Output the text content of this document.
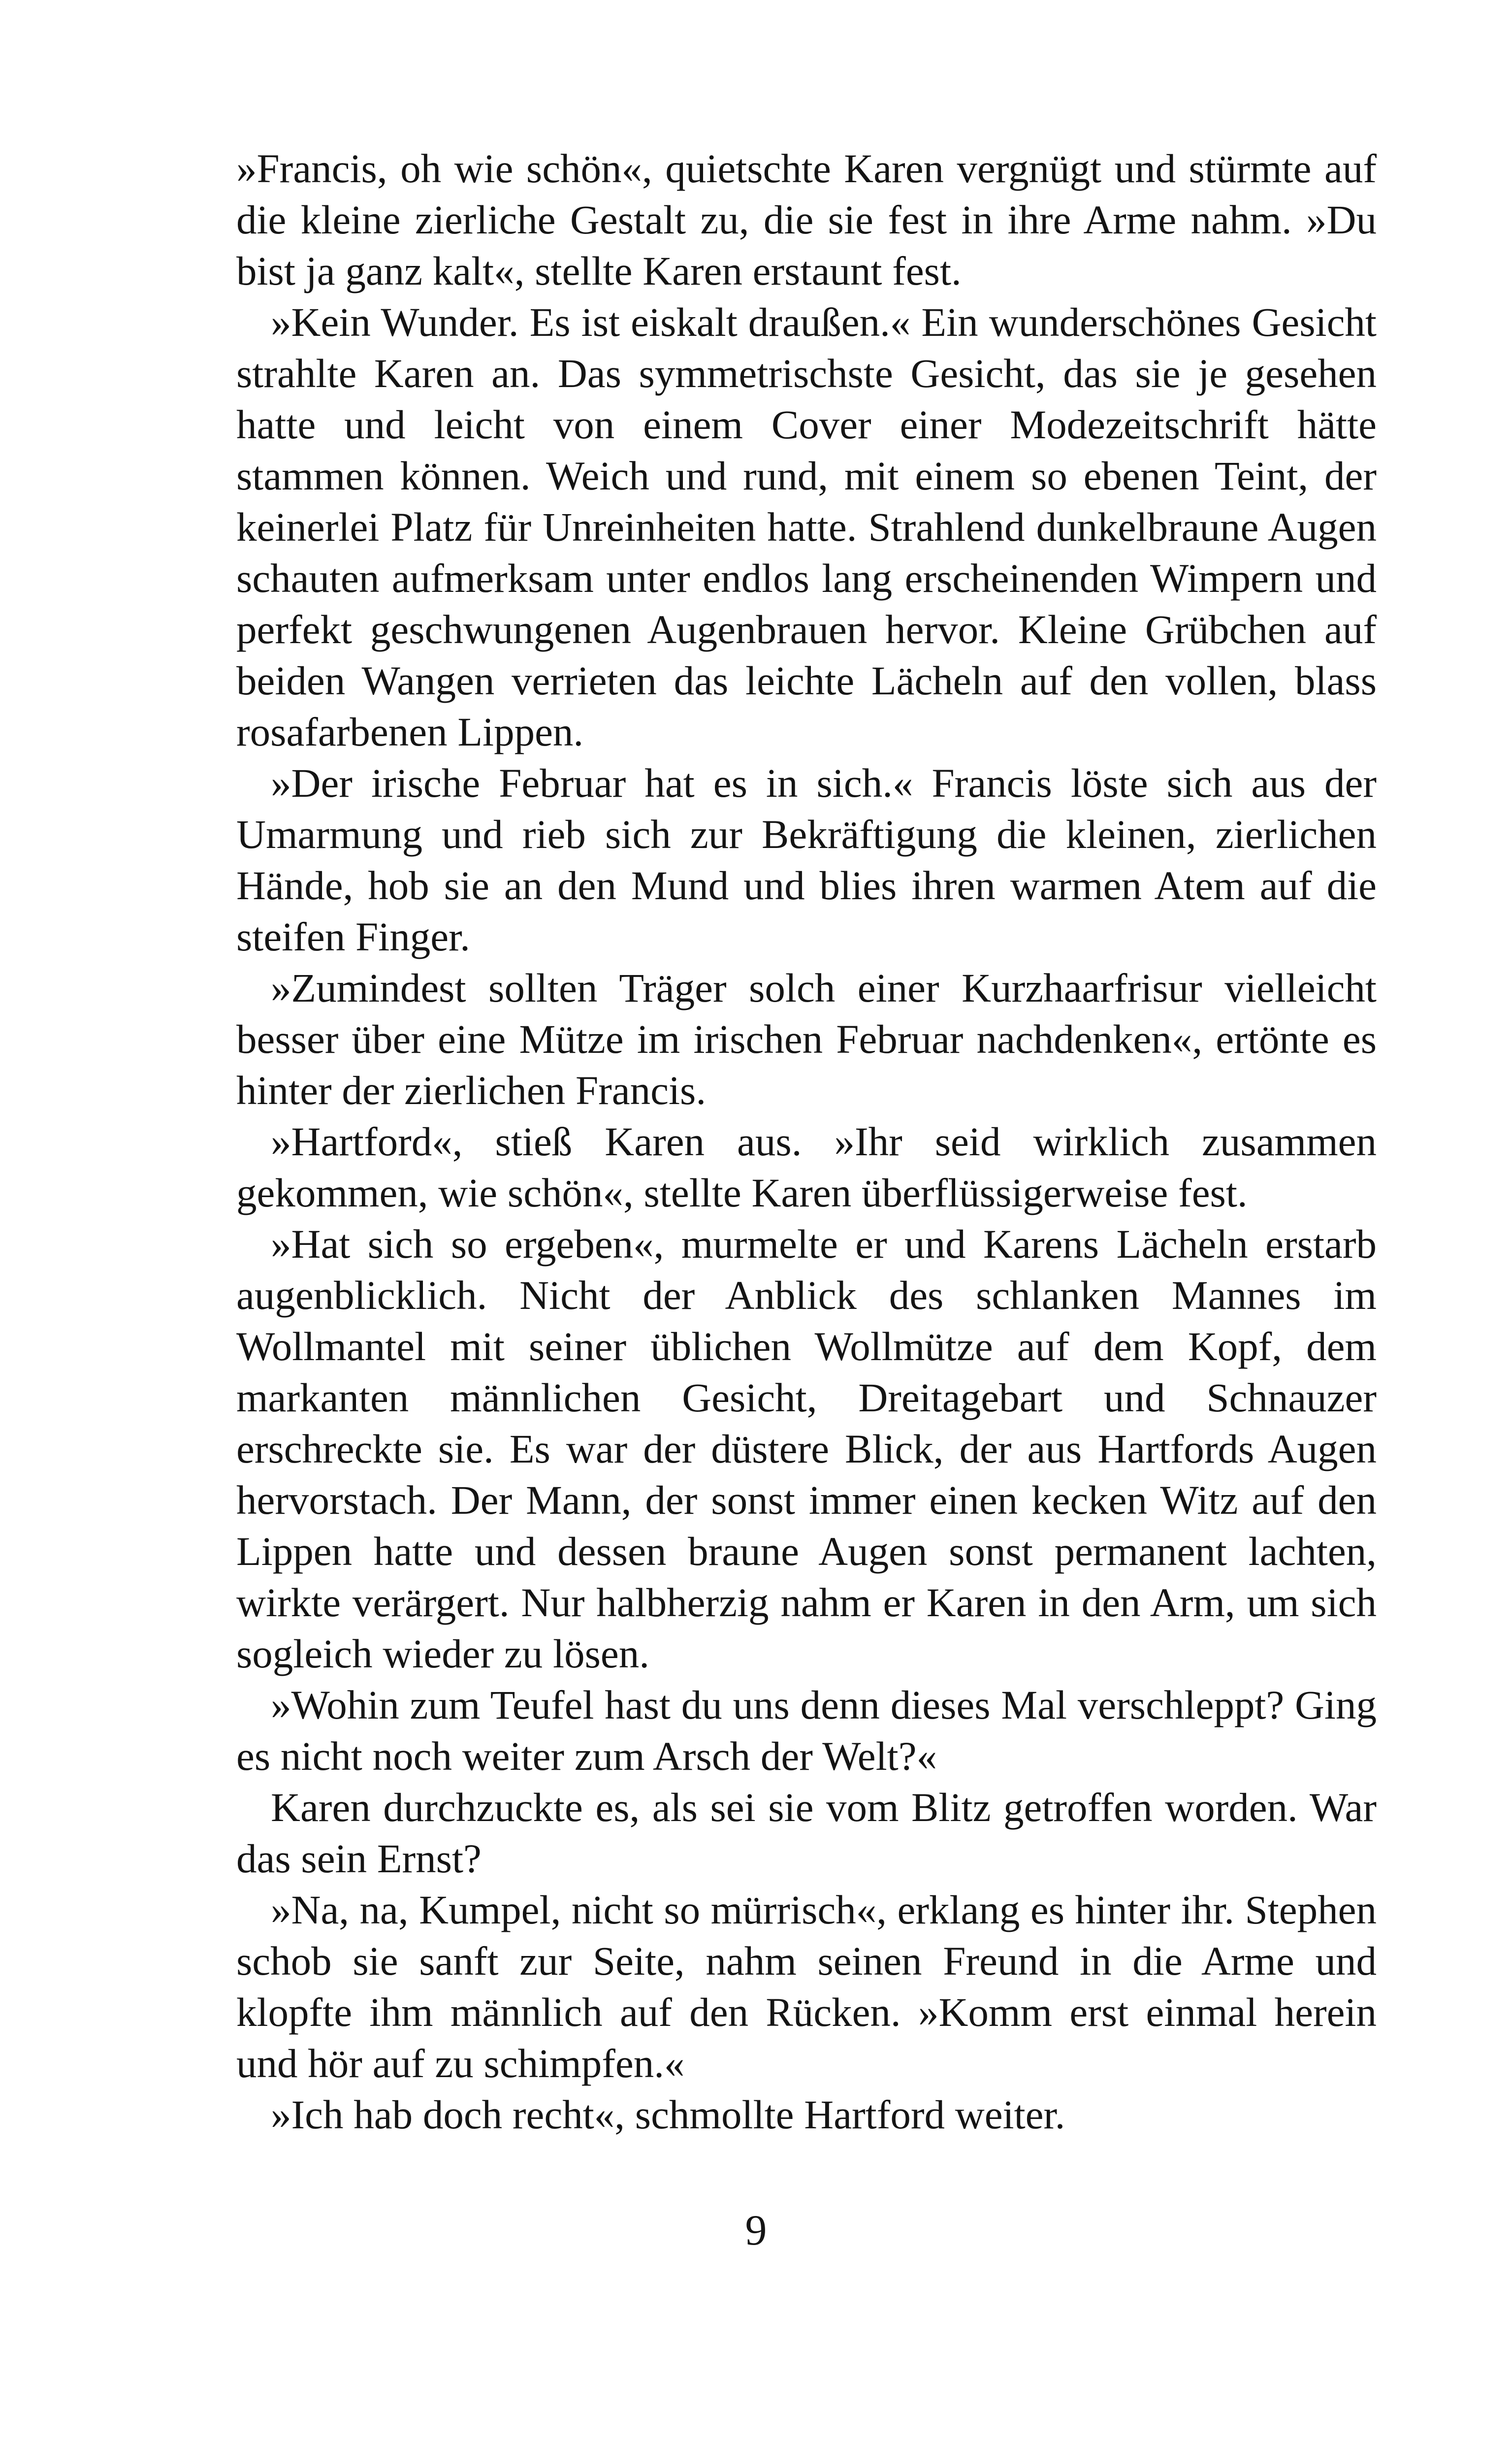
»Francis, oh wie schön«, quietschte Karen vergnügt und stürmte auf die kleine zierliche Gestalt zu, die sie fest in ihre Arme nahm. »Du bist ja ganz kalt«, stellte Karen erstaunt fest.

»Kein Wunder. Es ist eiskalt draußen.« Ein wunderschönes Gesicht strahlte Karen an. Das symmetrischste Gesicht, das sie je gesehen hatte und leicht von einem Cover einer Modezeitschrift hätte stammen können. Weich und rund, mit einem so ebenen Teint, der keinerlei Platz für Unreinheiten hatte. Strahlend dunkelbraune Augen schauten aufmerksam unter endlos lang erscheinenden Wimpern und perfekt geschwungenen Augenbrauen hervor. Kleine Grübchen auf beiden Wangen verrieten das leichte Lächeln auf den vollen, blass rosafarbenen Lippen.

»Der irische Februar hat es in sich.« Francis löste sich aus der Umarmung und rieb sich zur Bekräftigung die kleinen, zierlichen Hände, hob sie an den Mund und blies ihren warmen Atem auf die steifen Finger.

»Zumindest sollten Träger solch einer Kurzhaarfrisur vielleicht besser über eine Mütze im irischen Februar nachdenken«, ertönte es hinter der zierlichen Francis.

»Hartford«, stieß Karen aus. »Ihr seid wirklich zusammen gekommen, wie schön«, stellte Karen überflüssigerweise fest.

»Hat sich so ergeben«, murmelte er und Karens Lächeln erstarb augenblicklich. Nicht der Anblick des schlanken Mannes im Wollmantel mit seiner üblichen Wollmütze auf dem Kopf, dem markanten männlichen Gesicht, Dreitagebart und Schnauzer erschreckte sie. Es war der düstere Blick, der aus Hartfords Augen hervorstach. Der Mann, der sonst immer einen kecken Witz auf den Lippen hatte und dessen braune Augen sonst permanent lachten, wirkte verärgert. Nur halbherzig nahm er Karen in den Arm, um sich sogleich wieder zu lösen.

»Wohin zum Teufel hast du uns denn dieses Mal verschleppt? Ging es nicht noch weiter zum Arsch der Welt?«

Karen durchzuckte es, als sei sie vom Blitz getroffen worden. War das sein Ernst?

»Na, na, Kumpel, nicht so mürrisch«, erklang es hinter ihr. Stephen schob sie sanft zur Seite, nahm seinen Freund in die Arme und klopfte ihm männlich auf den Rücken. »Komm erst einmal herein und hör auf zu schimpfen.«

»Ich hab doch recht«, schmollte Hartford weiter.

9
